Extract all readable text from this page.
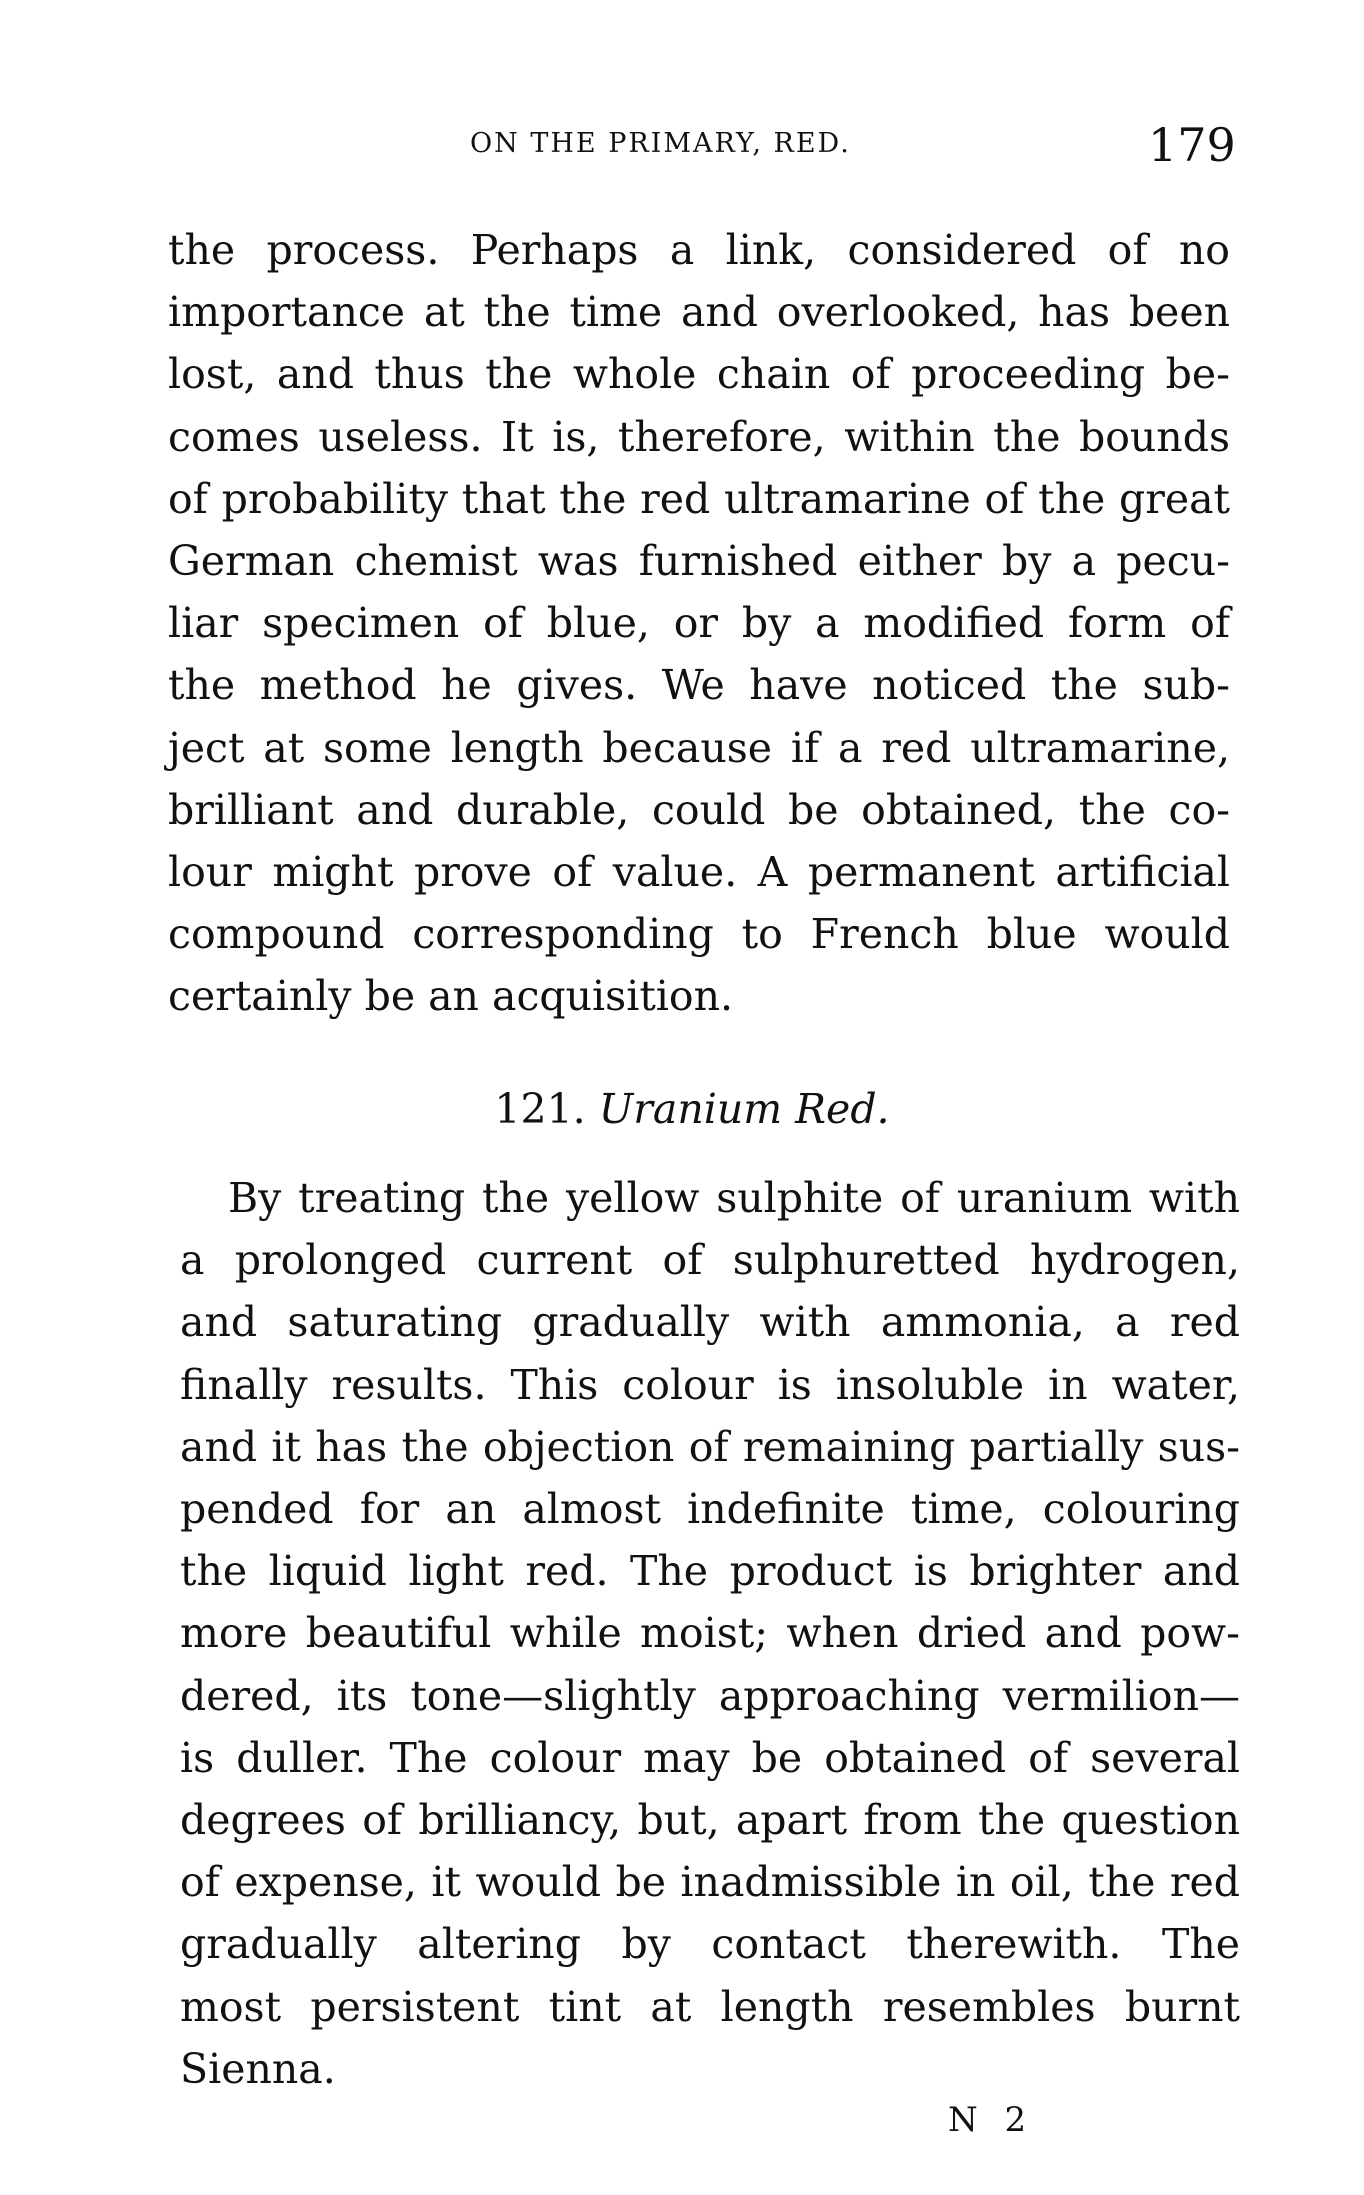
ON THE PRIMARY, RED.	179
the process. Perhaps a link, considered of no
importance at the time and overlooked, has been
lost, and thus the whole chain of proceeding be-
comes useless. It is, therefore, within the bounds
of probability that the red ultramarine of the great
German chemist was furnished either by a pecu-
liar specimen of blue, or by a modified form of
the method he gives. We have noticed the sub-
ject at some length because if a red ultramarine,
brilliant and durable, could be obtained, the co-
lour might prove of value. A permanent artificial
compound corresponding to French blue would
certainly be an acquisition.
121. Uranium Red.
By treating the yellow sulphite of uranium with
a prolonged current of sulphuretted hydrogen,
and saturating gradually with ammonia, a red
finally results. This colour is insoluble in water,
and it has the objection of remaining partially sus-
pended for an almost indefinite time, colouring
the liquid light red. The product is brighter and
more beautiful while moist; when dried and pow-
dered, its tone—slightly approaching vermilion—
is duller. The colour may be obtained of several
degrees of brilliancy, but, apart from the question
of expense, it would be inadmissible in oil, the red
gradually altering by contact therewith. The
most persistent tint at length resembles burnt
Sienna.
N 2
